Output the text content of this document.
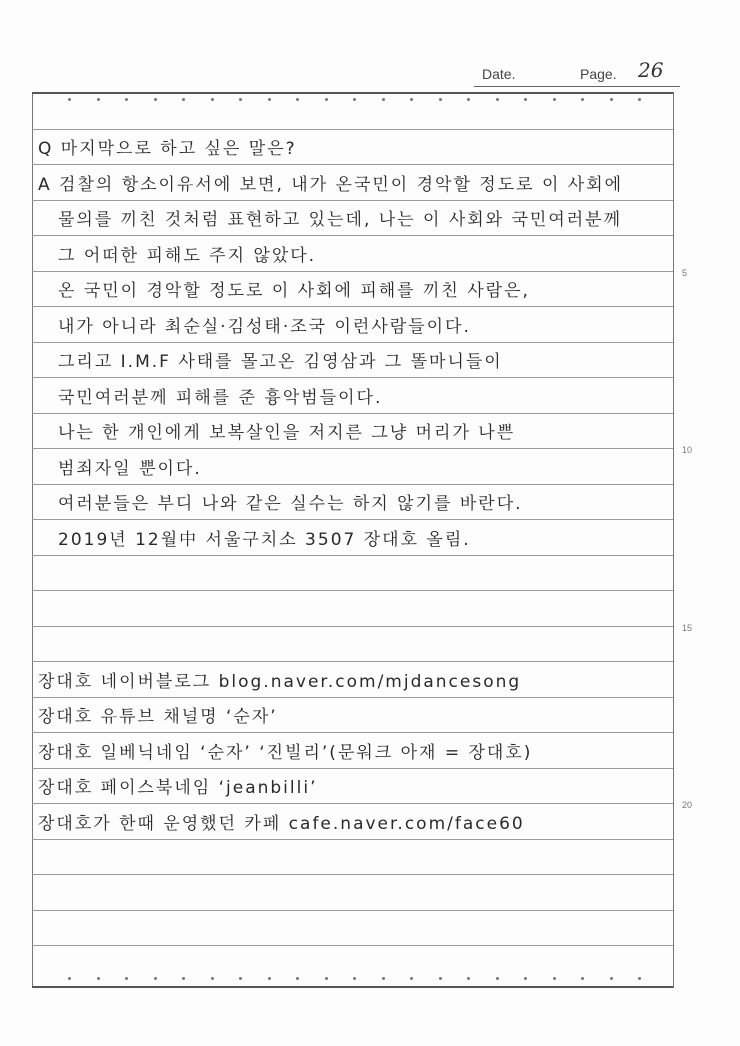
Date.	Page. 26
5
10
15
20
Q 마지막으로 하고 싶은 말은?
A 검찰의 항소이유서에 보면, 내가 온국민이 경악할 정도로 이 사회에
물의를 끼친 것처럼 표현하고 있는데, 나는 이 사회와 국민여러분께
그 어떠한 피해도 주지 않았다.
온 국민이 경악할 정도로 이 사회에 피해를 끼친 사람은,
내가 아니라 최순실·김성태·조국 이런사람들이다.
그리고 I.M.F 사태를 몰고온 김영삼과 그 똘마니들이
국민여러분께 피해를 준 흉악범들이다.
나는 한 개인에게 보복살인을 저지른 그냥 머리가 나쁜
범죄자일 뿐이다.
여러분들은 부디 나와 같은 실수는 하지 않기를 바란다.
2019년 12월中 서울구치소 3507 장대호 올림.
장대호 네이버블로그 blog.naver.com/mjdancesong
장대호 유튜브 채널명 ‘순자’
장대호 일베닉네임 ‘순자’ ‘진빌리’(문워크 아재 = 장대호)
장대호 페이스북네임 ‘jeanbilli’
장대호가 한때 운영했던 카페 cafe.naver.com/face60
